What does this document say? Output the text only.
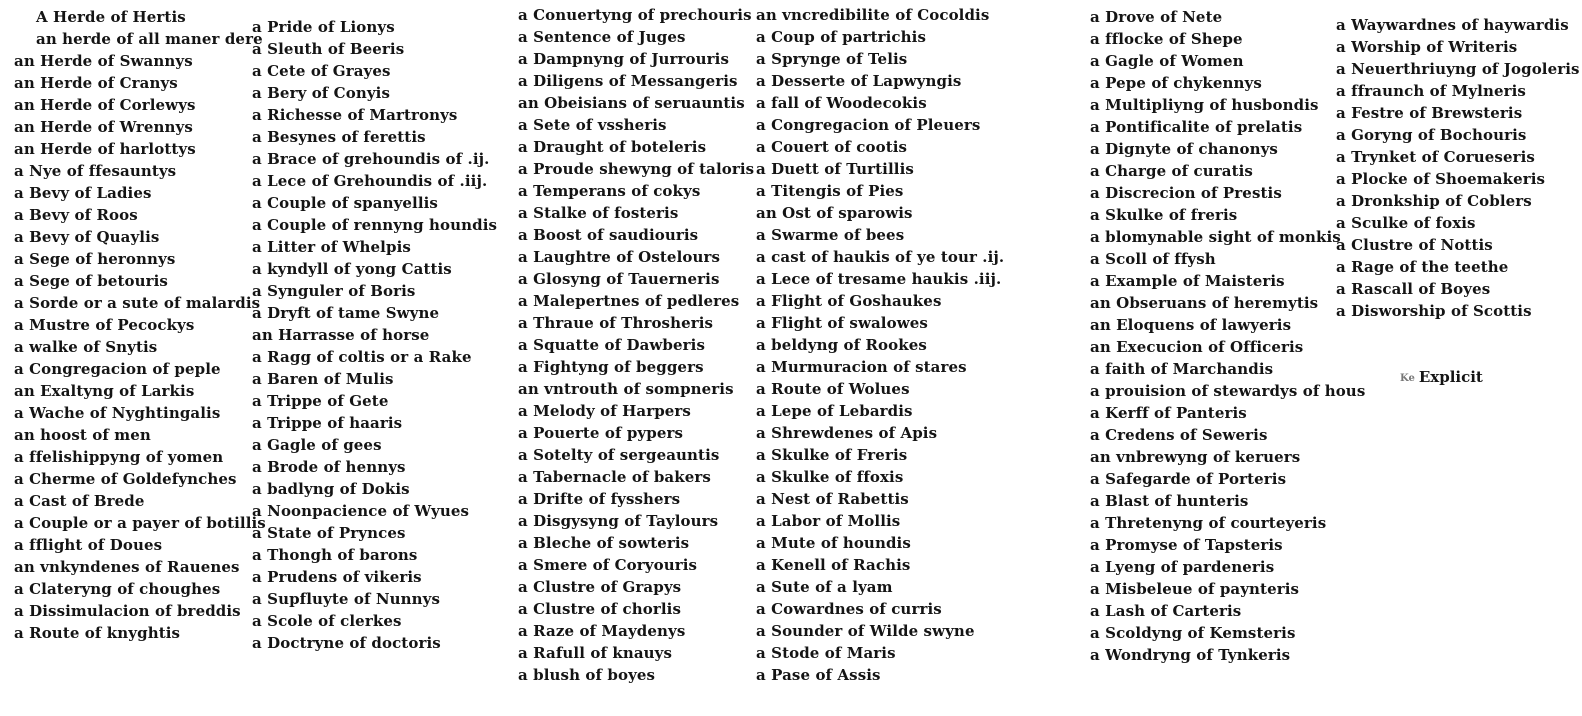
A Herde of Hertis
an herde of all maner dere
an Herde of Swannys
an Herde of Cranys
an Herde of Corlewys
an Herde of Wrennys
an Herde of harlottys
a Nye of ffesauntys
a Bevy of Ladies
a Bevy of Roos
a Bevy of Quaylis
a Sege of heronnys
a Sege of betouris
a Sorde or a sute of malardis
a Mustre of Pecockys
a walke of Snytis
a Congregacion of peple
an Exaltyng of Larkis
a Wache of Nyghtingalis
an hoost of men
a ffelishippyng of yomen
a Cherme of Goldefynches
a Cast of Brede
a Couple or a payer of botillis
a fflight of Doues
an vnkyndenes of Rauenes
a Clateryng of choughes
a Dissimulacion of breddis
a Route of knyghtis
a Pride of Lionys
a Sleuth of Beeris
a Cete of Grayes
a Bery of Conyis
a Richesse of Martronys
a Besynes of ferettis
a Brace of grehoundis of .ij.
a Lece of Grehoundis of .iij.
a Couple of spanyellis
a Couple of rennyng houndis
a Litter of Whelpis
a kyndyll of yong Cattis
a Synguler of Boris
a Dryft of tame Swyne
an Harrasse of horse
a Ragg of coltis or a Rake
a Baren of Mulis
a Trippe of Gete
a Trippe of haaris
a Gagle of gees
a Brode of hennys
a badlyng of Dokis
a Noonpacience of Wyues
a State of Prynces
a Thongh of barons
a Prudens of vikeris
a Supfluyte of Nunnys
a Scole of clerkes
a Doctryne of doctoris
a Conuertyng of prechouris
a Sentence of Juges
a Dampnyng of Jurrouris
a Diligens of Messangeris
an Obeisians of seruauntis
a Sete of vssheris
a Draught of boteleris
a Proude shewyng of taloris
a Temperans of cokys
a Stalke of fosteris
a Boost of saudiouris
a Laughtre of Ostelours
a Glosyng of Tauerneris
a Malepertnes of pedleres
a Thraue of Throsheris
a Squatte of Dawberis
a Fightyng of beggers
an vntrouth of sompneris
a Melody of Harpers
a Pouerte of pypers
a Sotelty of sergeauntis
a Tabernacle of bakers
a Drifte of fysshers
a Disgysyng of Taylours
a Bleche of sowteris
a Smere of Coryouris
a Clustre of Grapys
a Clustre of chorlis
a Raze of Maydenys
a Rafull of knauys
a blush of boyes
an vncredibilite of Cocoldis
a Coup of partrichis
a Sprynge of Telis
a Desserte of Lapwyngis
a fall of Woodecokis
a Congregacion of Pleuers
a Couert of cootis
a Duett of Turtillis
a Titengis of Pies
an Ost of sparowis
a Swarme of bees
a cast of haukis of ye tour .ij.
a Lece of tresame haukis .iij.
a Flight of Goshaukes
a Flight of swalowes
a beldyng of Rookes
a Murmuracion of stares
a Route of Wolues
a Lepe of Lebardis
a Shrewdenes of Apis
a Skulke of Freris
a Skulke of ffoxis
a Nest of Rabettis
a Labor of Mollis
a Mute of houndis
a Kenell of Rachis
a Sute of a lyam
a Cowardnes of curris
a Sounder of Wilde swyne
a Stode of Maris
a Pase of Assis
a Drove of Nete
a fflocke of Shepe
a Gagle of Women
a Pepe of chykennys
a Multipliyng of husbondis
a Pontificalite of prelatis
a Dignyte of chanonys
a Charge of curatis
a Discrecion of Prestis
a Skulke of freris
a blomynable sight of monkis
a Scoll of ffysh
a Example of Maisteris
an Obseruans of heremytis
an Eloquens of lawyeris
an Execucion of Officeris
a faith of Marchandis
a prouision of stewardys of hous
a Kerff of Panteris
a Credens of Seweris
an vnbrewyng of keruers
a Safegarde of Porteris
a Blast of hunteris
a Thretenyng of courteyeris
a Promyse of Tapsteris
a Lyeng of pardeneris
a Misbeleue of paynteris
a Lash of Carteris
a Scoldyng of Kemsteris
a Wondryng of Tynkeris
a Waywardnes of haywardis
a Worship of Writeris
a Neuerthriuyng of Jogoleris
a ffraunch of Mylneris
a Festre of Brewsteris
a Goryng of Bochouris
a Trynket of Corueseris
a Plocke of Shoemakeris
a Dronkship of Coblers
a Sculke of foxis
a Clustre of Nottis
a Rage of the teethe
a Rascall of Boyes
a Disworship of Scottis
Ke Explicit
